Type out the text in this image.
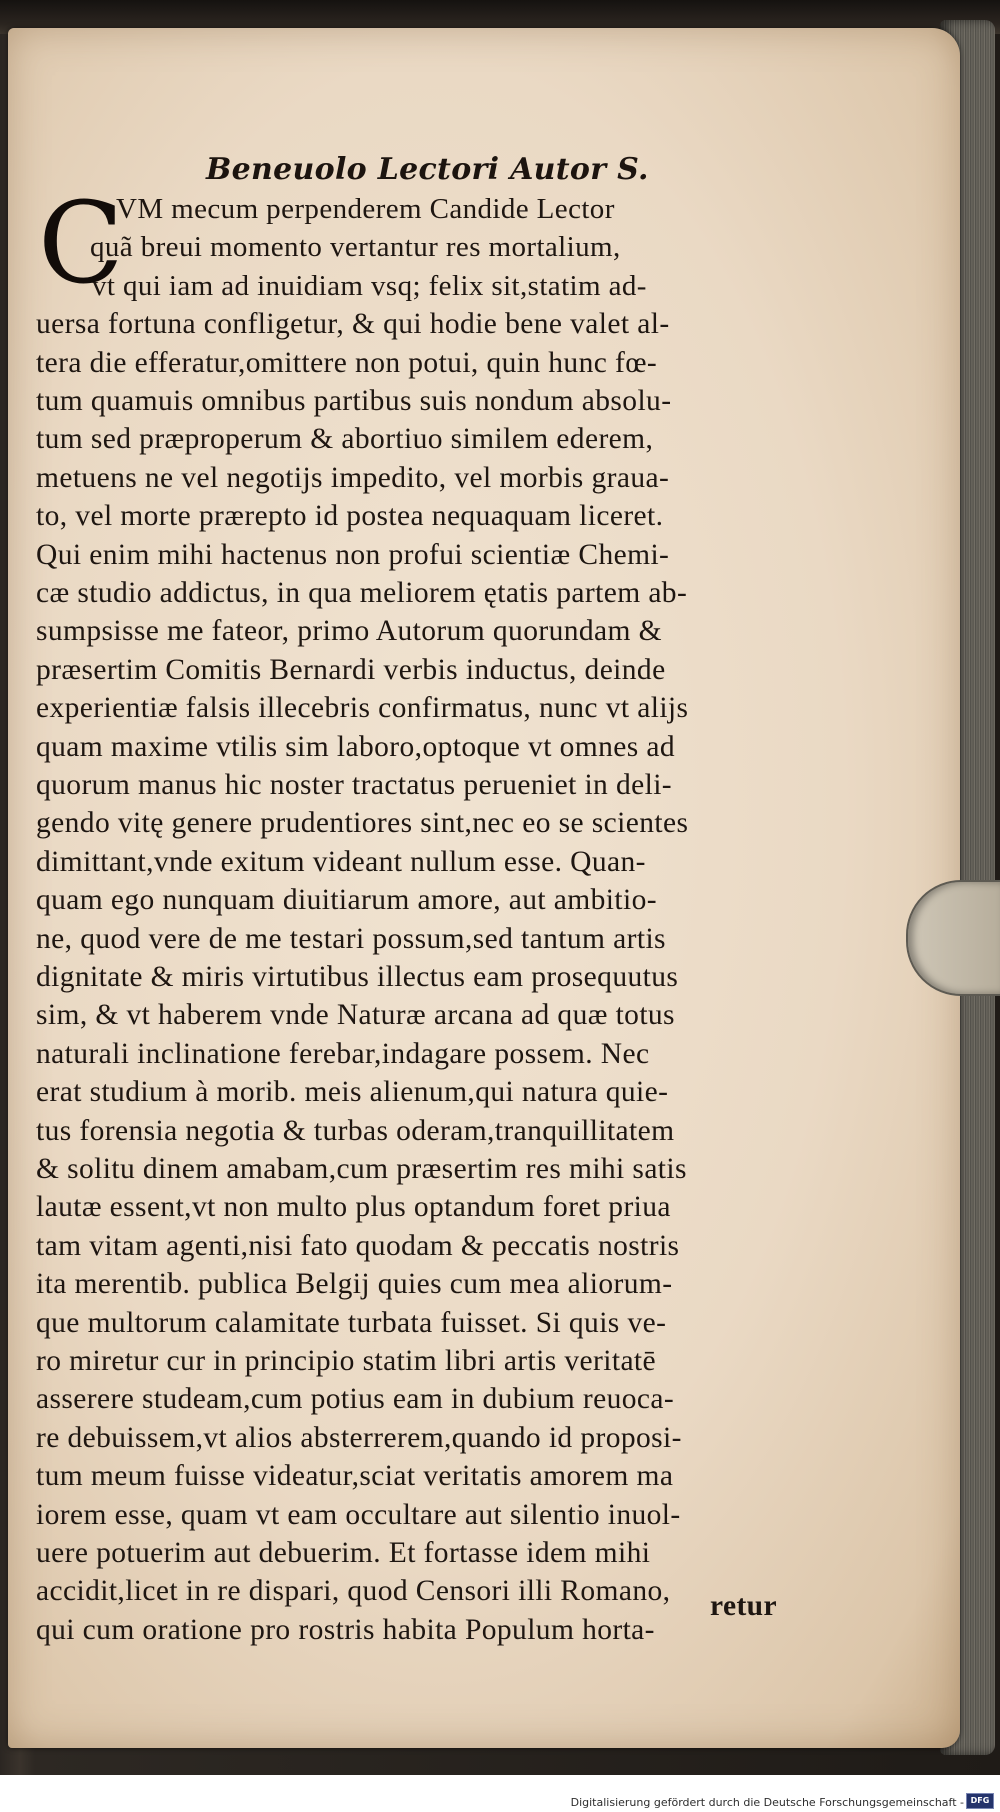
Beneuolo Lectori Autor S.
C
VM mecum perpenderem Candide Lector
quã breui momento vertantur res mortalium,
vt qui iam ad inuidiam vsq; felix sit,statim ad-
uersa fortuna confligetur, & qui hodie bene valet al-
tera die efferatur,omittere non potui, quin hunc fœ-
tum quamuis omnibus partibus suis nondum absolu-
tum sed præproperum & abortiuo similem ederem,
metuens ne vel negotijs impedito, vel morbis grauа-
to, vel morte prærepto id postea nequaquam liceret.
Qui enim mihi hactenus non profui scientiæ Chemi-
cæ studio addictus, in qua meliorem ętatis partem ab-
sumpsisse me fateor, primo Autorum quorundam &
præsertim Comitis Bernardi verbis inductus, deinde
experientiæ falsis illecebris confirmatus, nunc vt alijs
quam maxime vtilis sim laboro,optoque vt omnes ad
quorum manus hic noster tractatus perueniet in deli-
gendo vitę genere prudentiores sint,nec eo se scientes
dimittant,vnde exitum videant nullum esse. Quan-
quam ego nunquam diuitiarum amore, aut ambitio-
ne, quod vere de me testari possum,sed tantum artis
dignitate & miris virtutibus illectus eam prosequutus
sim, & vt haberem vnde Naturæ arcana ad quæ totus
naturali inclinatione ferebar,indagare possem. Nec
erat studium à morib. meis alienum,qui natura quie-
tus forensia negotia & turbas oderam,tranquillitatem
& solitu dinem amabam,cum præsertim res mihi satis
lautæ essent,vt non multo plus optandum foret priua
tam vitam agenti,nisi fato quodam & peccatis nostris
ita merentib. publica Belgij quies cum mea aliorum-
que multorum calamitate turbata fuisset. Si quis ve-
ro miretur cur in principio statim libri artis veritatē
asserere studeam,cum potius eam in dubium reuoca-
re debuissem,vt alios absterrerem,quando id proposi-
tum meum fuisse videatur,sciat veritatis amorem ma
iorem esse, quam vt eam occultare aut silentio inuol-
uere potuerim aut debuerim. Et fortasse idem mihi
accidit,licet in re dispari, quod Censori illi Romano,
qui cum oratione pro rostris habita Populum horta-
retur
Digitalisierung gefördert durch die Deutsche Forschungsgemeinschaft - DFG
